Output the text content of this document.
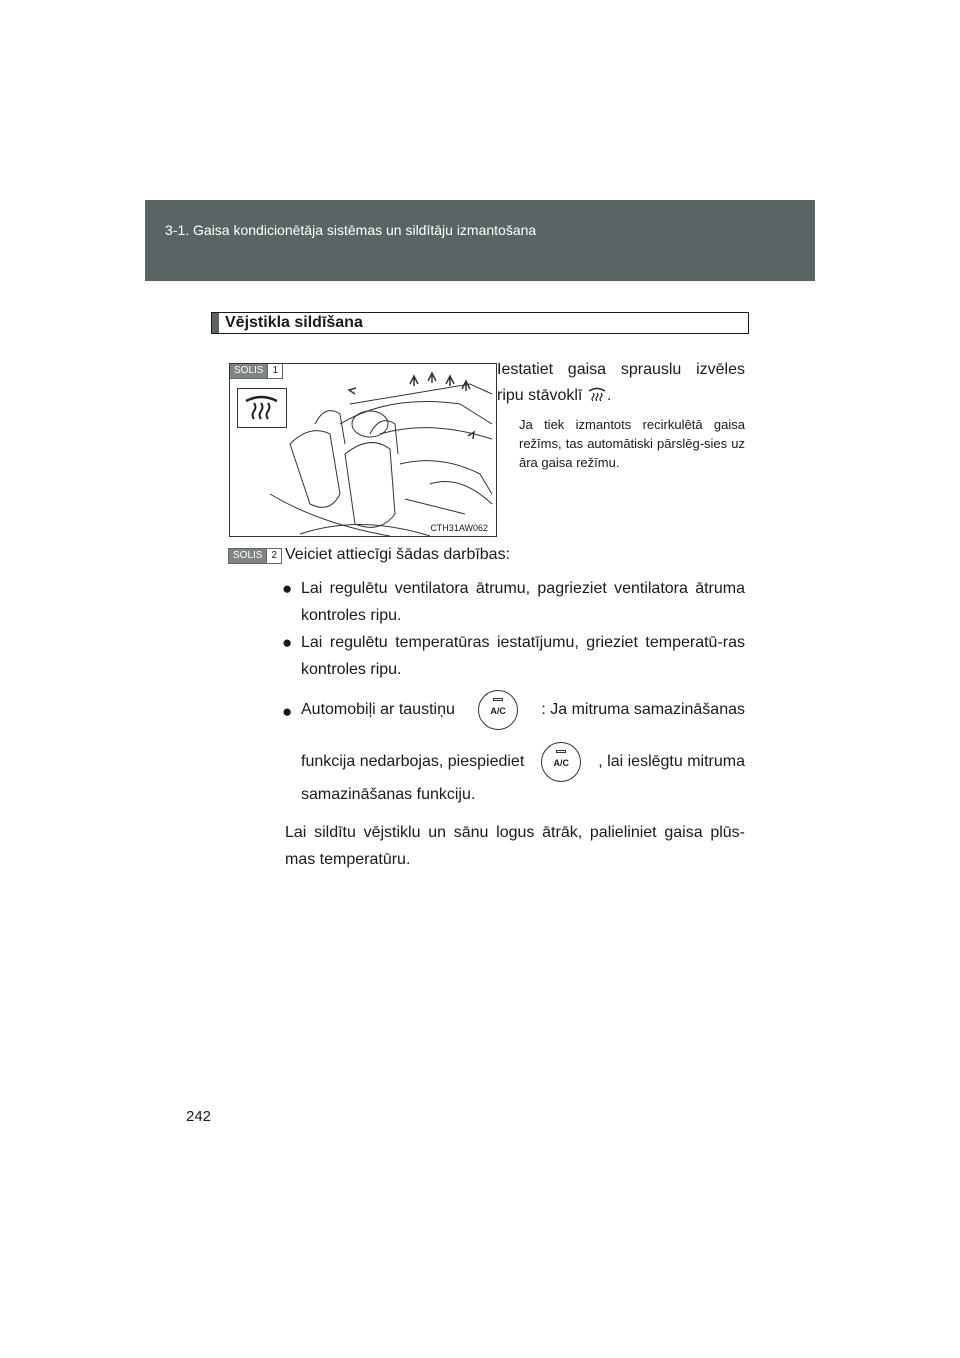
3-1. Gaisa kondicionētāja sistēmas un sildītāju izmantošana
Vējstikla sildīšana
SOLIS 1
CTH31AW062
Iestatiet gaisa sprauslu izvēles ripu stāvoklī .
Ja tiek izmantots recirkulētā gaisa režīms, tas automātiski pārslēg-sies uz āra gaisa režīmu.
SOLIS 2 Veiciet attiecīgi šādas darbības:
● Lai regulētu ventilatora ātrumu, pagrieziet ventilatora ātruma kontroles ripu.
● Lai regulētu temperatūras iestatījumu, grieziet temperatū-ras kontroles ripu.
● Automobiļi ar taustiņu	A/C	: Ja mitruma samazināšanas
funkcija nedarbojas, piespiediet	A/C	, lai ieslēgtu mitruma
samazināšanas funkciju.
Lai sildītu vējstiklu un sānu logus ātrāk, palieliniet gaisa plūs-mas temperatūru.
242
